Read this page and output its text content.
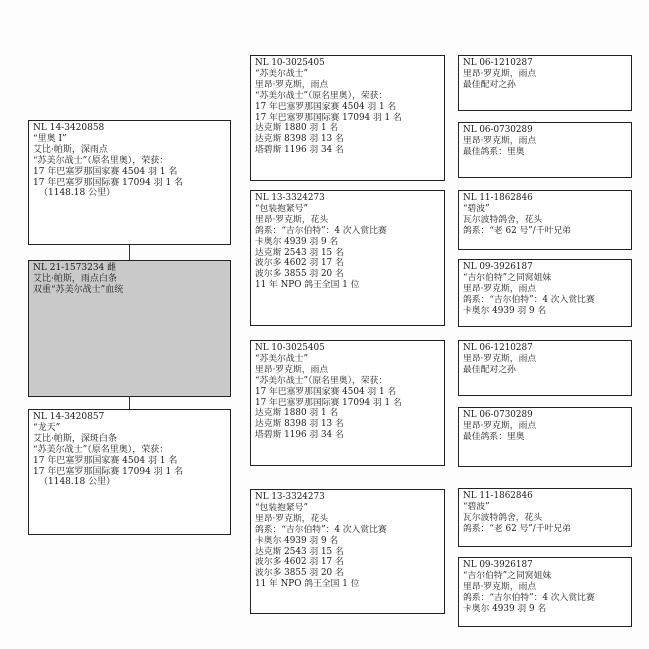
NL 14-3420858
“里奥 I”
艾比·帕斯，深雨点
“苏美尔战士”（原名里奥），荣获：
17 年巴塞罗那国家赛 4504 羽 1 名
17 年巴塞罗那国际赛 17094 羽 1 名
（1148.18 公里）
NL 21-1573234 雌
艾比·帕斯，雨点白条
双重“苏美尔战士”血统
NL 14-3420857
“龙天”
艾比·帕斯，深斑白条
“苏美尔战士”（原名里奥），荣获：
17 年巴塞罗那国家赛 4504 羽 1 名
17 年巴塞罗那国际赛 17094 羽 1 名
（1148.18 公里）
NL 10-3025405
“苏美尔战士”
里昂·罗克斯，雨点
“苏美尔战士”（原名里奥），荣获：
17 年巴塞罗那国家赛 4504 羽 1 名
17 年巴塞罗那国际赛 17094 羽 1 名
达克斯 1880 羽 1 名
达克斯 8398 羽 13 名
塔碧斯 1196 羽 34 名
NL 13-3324273
“包装抱紧号”
里昂·罗克斯，花头
鸽系：“吉尔伯特”：4 次入赏比赛
卡奥尔 4939 羽 9 名
达克斯 2543 羽 15 名
波尔多 4602 羽 17 名
波尔多 3855 羽 20 名
11 年 NPO 鸽王全国 1 位
NL 10-3025405
“苏美尔战士”
里昂·罗克斯，雨点
“苏美尔战士”（原名里奥），荣获：
17 年巴塞罗那国家赛 4504 羽 1 名
17 年巴塞罗那国际赛 17094 羽 1 名
达克斯 1880 羽 1 名
达克斯 8398 羽 13 名
塔碧斯 1196 羽 34 名
NL 13-3324273
“包装抱紧号”
里昂·罗克斯，花头
鸽系：“吉尔伯特”：4 次入赏比赛
卡奥尔 4939 羽 9 名
达克斯 2543 羽 15 名
波尔多 4602 羽 17 名
波尔多 3855 羽 20 名
11 年 NPO 鸽王全国 1 位
NL 06-1210287
里昂·罗克斯，雨点
最佳配对之孙
NL 06-0730289
里昂·罗克斯，雨点
最佳鸽系：里奥
NL 11-1862846
“碧波”
瓦尔波特鸽舍，花头
鸽系：“老 62 号”/千叶兄弟
NL 09-3926187
“吉尔伯特”之同窝姐妹
里昂·罗克斯，雨点
鸽系：“吉尔伯特”：4 次入赏比赛
卡奥尔 4939 羽 9 名
NL 06-1210287
里昂·罗克斯，雨点
最佳配对之孙
NL 06-0730289
里昂·罗克斯，雨点
最佳鸽系：里奥
NL 11-1862846
“碧波”
瓦尔波特鸽舍，花头
鸽系：“老 62 号”/千叶兄弟
NL 09-3926187
“吉尔伯特”之同窝姐妹
里昂·罗克斯，雨点
鸽系：“吉尔伯特”：4 次入赏比赛
卡奥尔 4939 羽 9 名
